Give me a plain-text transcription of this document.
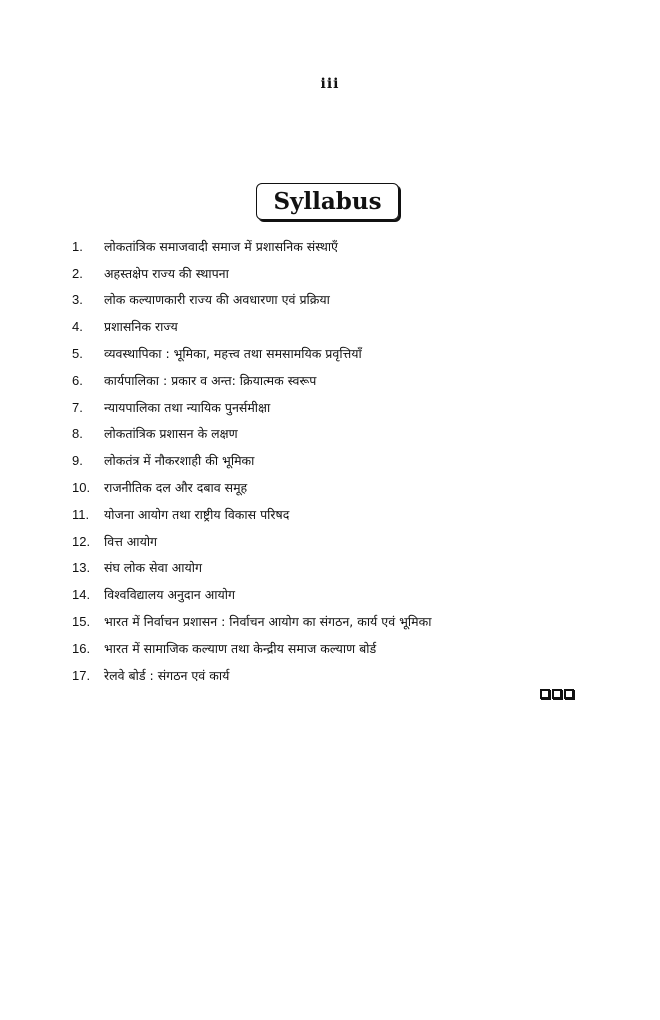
iii
Syllabus
1.	लोकतांत्रिक समाजवादी समाज में प्रशासनिक संस्थाएँ
2.	अहस्तक्षेप राज्य की स्थापना
3.	लोक कल्याणकारी राज्य की अवधारणा एवं प्रक्रिया
4.	प्रशासनिक राज्य
5.	व्यवस्थापिका : भूमिका, महत्त्व तथा समसामयिक प्रवृत्तियाँ
6.	कार्यपालिका : प्रकार व अन्त: क्रियात्मक स्वरूप
7.	न्यायपालिका तथा न्यायिक पुनर्समीक्षा
8.	लोकतांत्रिक प्रशासन के लक्षण
9.	लोकतंत्र में नौकरशाही की भूमिका
10.	राजनीतिक दल और दबाव समूह
11.	योजना आयोग तथा राष्ट्रीय विकास परिषद
12.	वित्त आयोग
13.	संघ लोक सेवा आयोग
14.	विश्वविद्यालय अनुदान आयोग
15.	भारत में निर्वाचन प्रशासन : निर्वाचन आयोग का संगठन, कार्य एवं भूमिका
16.	भारत में सामाजिक कल्याण तथा केन्द्रीय समाज कल्याण बोर्ड
17.	रेलवे बोर्ड : संगठन एवं कार्य
